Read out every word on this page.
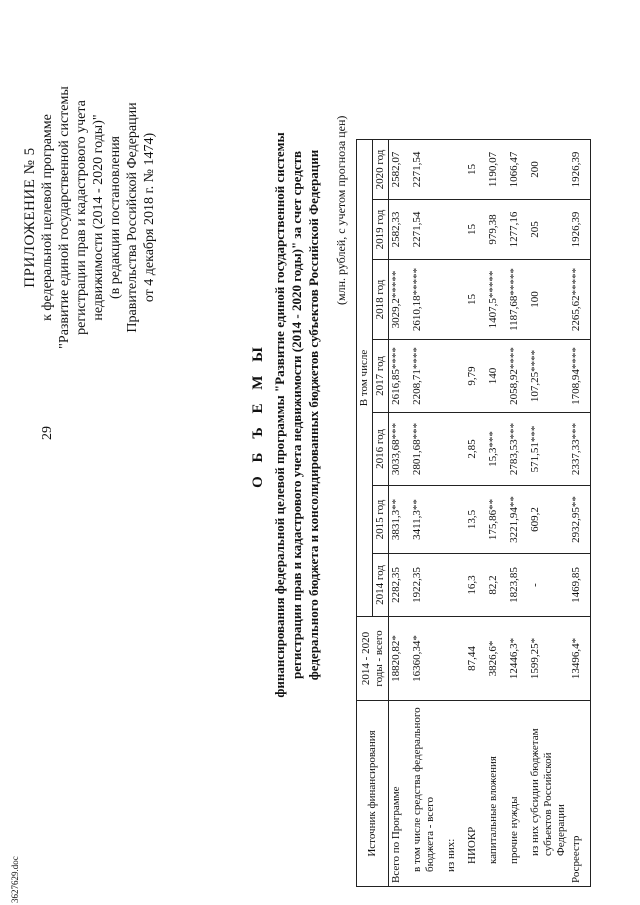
29
3627629.doc
ПРИЛОЖЕНИЕ № 5 к федеральной целевой программе "Развитие единой государственной системы регистрации прав и кадастрового учета недвижимости (2014 - 2020 годы)" (в редакции постановления Правительства Российской Федерации от 4 декабря 2018 г. № 1474)
О Б Ъ Е М Ы финансирования федеральной целевой программы "Развитие единой государственной системы регистрации прав и кадастрового учета недвижимости (2014 - 2020 годы)" за счет средств федерального бюджета и консолидированных бюджетов субъектов Российской Федерации (млн. рублей, с учетом прогноза цен)
Источник финансирования	2014 - 2020 годы - всего	В том числе						
		2014 год	2015 год	2016 год	2017 год	2018 год	2019 год	2020 год
Всего по Программе	18820,82*	2282,35	3831,3**	3033,68***	2616,85****	3029,2*****	2582,33	2582,07
в том числе средства федерального бюджета - всего	16360,34*	1922,35	3411,3**	2801,68***	2208,71****	2610,18*****	2271,54	2271,54
из них:								
НИОКР	87,44	16,3	13,5	2,85	9,79	15	15	15
капитальные вложения	3826,6*	82,2	175,86**	15,3***	140	1407,5*****	979,38	1190,07
прочие нужды	12446,3*	1823,85	3221,94**	2783,53***	2058,92****	1187,68*****	1277,16	1066,47
из них субсидии бюджетам субъектов Российской Федерации	1599,25*	-	609,2	571,51***	107,25****	100	205	200
Росреестр	13496,4*	1469,85	2932,95**	2337,33***	1708,94****	2265,62*****	1926,39	1926,39
